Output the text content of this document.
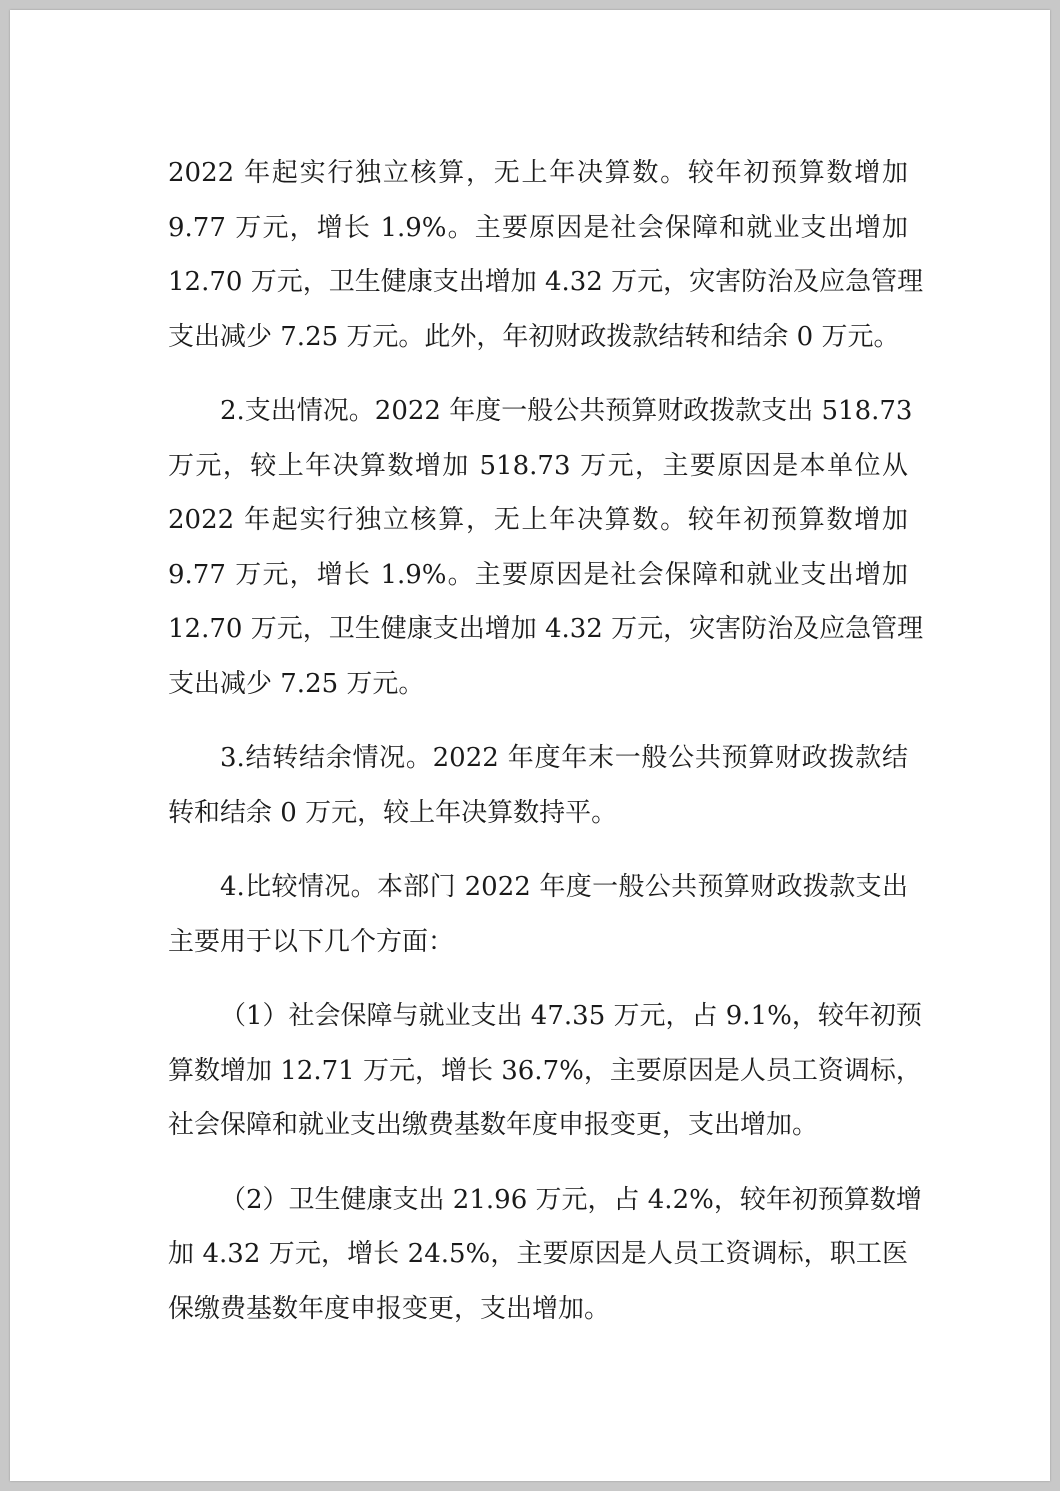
2022 年起实行独立核算，无上年决算数。较年初预算数增加
9.77 万元，增长 1.9%。主要原因是社会保障和就业支出增加
12.70 万元，卫生健康支出增加 4.32 万元，灾害防治及应急管理
支出减少 7.25 万元。此外，年初财政拨款结转和结余 0 万元。
2.支出情况。2022 年度一般公共预算财政拨款支出 518.73
万元，较上年决算数增加 518.73 万元，主要原因是本单位从
2022 年起实行独立核算，无上年决算数。较年初预算数增加
9.77 万元，增长 1.9%。主要原因是社会保障和就业支出增加
12.70 万元，卫生健康支出增加 4.32 万元，灾害防治及应急管理
支出减少 7.25 万元。
3.结转结余情况。2022 年度年末一般公共预算财政拨款结
转和结余 0 万元，较上年决算数持平。
4.比较情况。本部门 2022 年度一般公共预算财政拨款支出
主要用于以下几个方面：
（1）社会保障与就业支出 47.35 万元，占 9.1%，较年初预
算数增加 12.71 万元，增长 36.7%，主要原因是人员工资调标，
社会保障和就业支出缴费基数年度申报变更，支出增加。
（2）卫生健康支出 21.96 万元，占 4.2%，较年初预算数增
加 4.32 万元，增长 24.5%，主要原因是人员工资调标，职工医
保缴费基数年度申报变更，支出增加。
